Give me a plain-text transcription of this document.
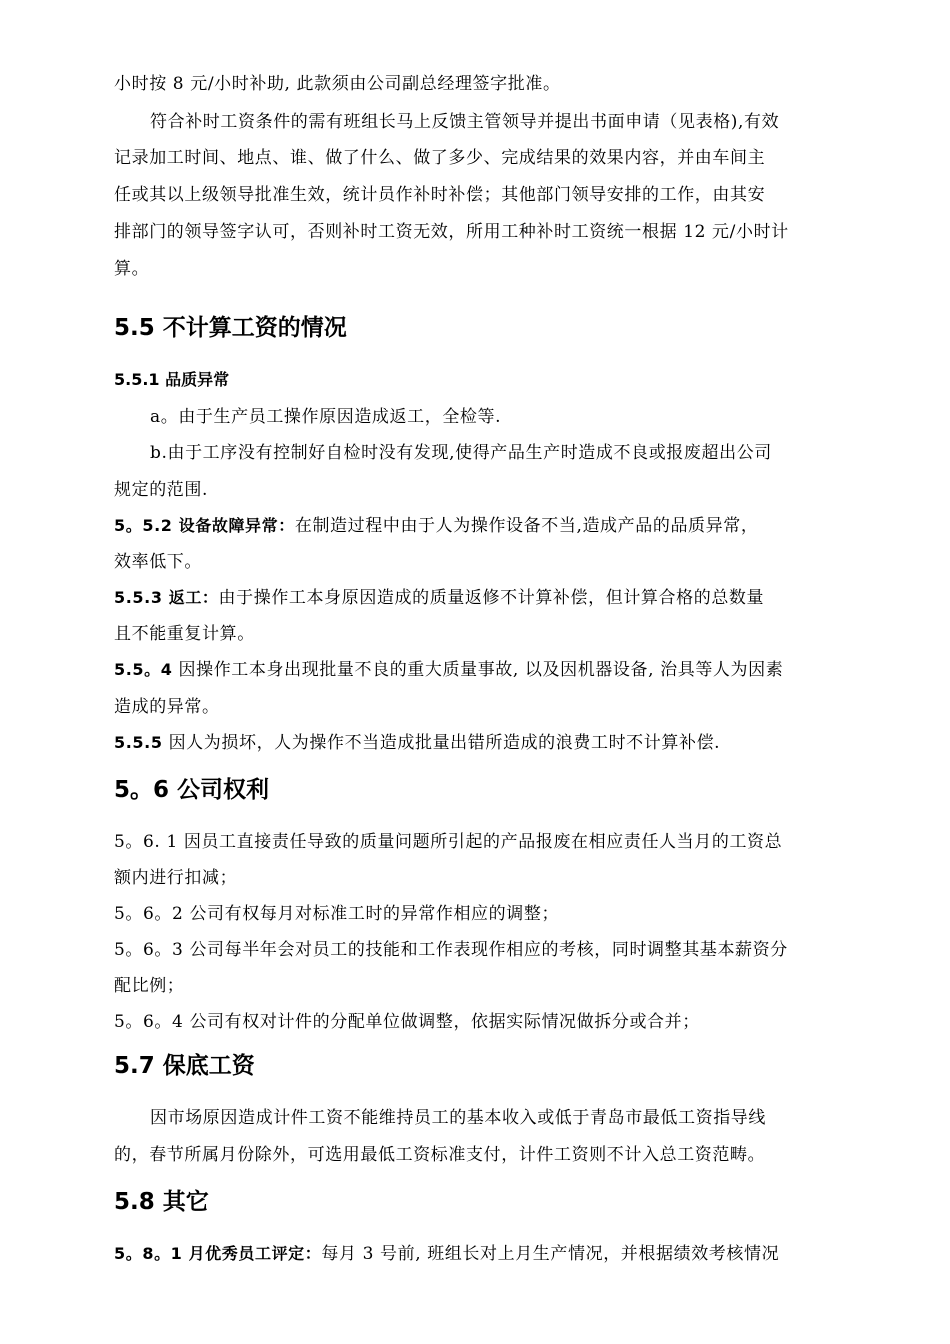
小时按 8 元/小时补助, 此款须由公司副总经理签字批准。
符合补时工资条件的需有班组长马上反馈主管领导并提出书面申请（见表格),有效
记录加工时间、地点、谁、做了什么、做了多少、完成结果的效果内容，并由车间主
任或其以上级领导批准生效，统计员作补时补偿；其他部门领导安排的工作，由其安
排部门的领导签字认可，否则补时工资无效，所用工种补时工资统一根据 12 元/小时计
算。
5.5 不计算工资的情况
5.5.1 品质异常
a。由于生产员工操作原因造成返工，全检等.
b.由于工序没有控制好自检时没有发现,使得产品生产时造成不良或报废超出公司
规定的范围.
5。5.2 设备故障异常：在制造过程中由于人为操作设备不当,造成产品的品质异常，
效率低下。
5.5.3 返工：由于操作工本身原因造成的质量返修不计算补偿，但计算合格的总数量
且不能重复计算。
5.5。4 因操作工本身出现批量不良的重大质量事故, 以及因机器设备, 治具等人为因素
造成的异常。
5.5.5 因人为损坏，人为操作不当造成批量出错所造成的浪费工时不计算补偿.
5。6 公司权利
5。6. 1 因员工直接责任导致的质量问题所引起的产品报废在相应责任人当月的工资总
额内进行扣减；
5。6。2 公司有权每月对标准工时的异常作相应的调整；
5。6。3 公司每半年会对员工的技能和工作表现作相应的考核，同时调整其基本薪资分
配比例；
5。6。4 公司有权对计件的分配单位做调整，依据实际情况做拆分或合并；
5.7 保底工资
因市场原因造成计件工资不能维持员工的基本收入或低于青岛市最低工资指导线
的，春节所属月份除外，可选用最低工资标准支付，计件工资则不计入总工资范畴。
5.8 其它
5。8。1 月优秀员工评定：每月 3 号前, 班组长对上月生产情况，并根据绩效考核情况
